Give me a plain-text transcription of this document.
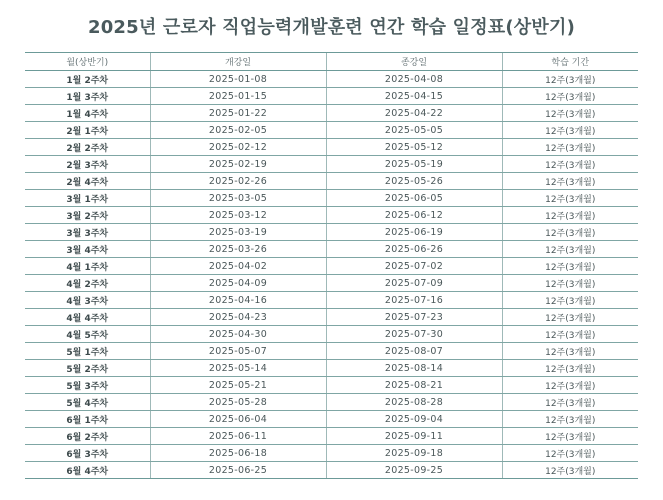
2025년 근로자 직업능력개발훈련 연간 학습 일정표(상반기)
월(상반기)	개강일	종강일	학습 기간
1월 2주차	2025-01-08	2025-04-08	12주(3개월)
1월 3주차	2025-01-15	2025-04-15	12주(3개월)
1월 4주차	2025-01-22	2025-04-22	12주(3개월)
2월 1주차	2025-02-05	2025-05-05	12주(3개월)
2월 2주차	2025-02-12	2025-05-12	12주(3개월)
2월 3주차	2025-02-19	2025-05-19	12주(3개월)
2월 4주차	2025-02-26	2025-05-26	12주(3개월)
3월 1주차	2025-03-05	2025-06-05	12주(3개월)
3월 2주차	2025-03-12	2025-06-12	12주(3개월)
3월 3주차	2025-03-19	2025-06-19	12주(3개월)
3월 4주차	2025-03-26	2025-06-26	12주(3개월)
4월 1주차	2025-04-02	2025-07-02	12주(3개월)
4월 2주차	2025-04-09	2025-07-09	12주(3개월)
4월 3주차	2025-04-16	2025-07-16	12주(3개월)
4월 4주차	2025-04-23	2025-07-23	12주(3개월)
4월 5주차	2025-04-30	2025-07-30	12주(3개월)
5월 1주차	2025-05-07	2025-08-07	12주(3개월)
5월 2주차	2025-05-14	2025-08-14	12주(3개월)
5월 3주차	2025-05-21	2025-08-21	12주(3개월)
5월 4주차	2025-05-28	2025-08-28	12주(3개월)
6월 1주차	2025-06-04	2025-09-04	12주(3개월)
6월 2주차	2025-06-11	2025-09-11	12주(3개월)
6월 3주차	2025-06-18	2025-09-18	12주(3개월)
6월 4주차	2025-06-25	2025-09-25	12주(3개월)
